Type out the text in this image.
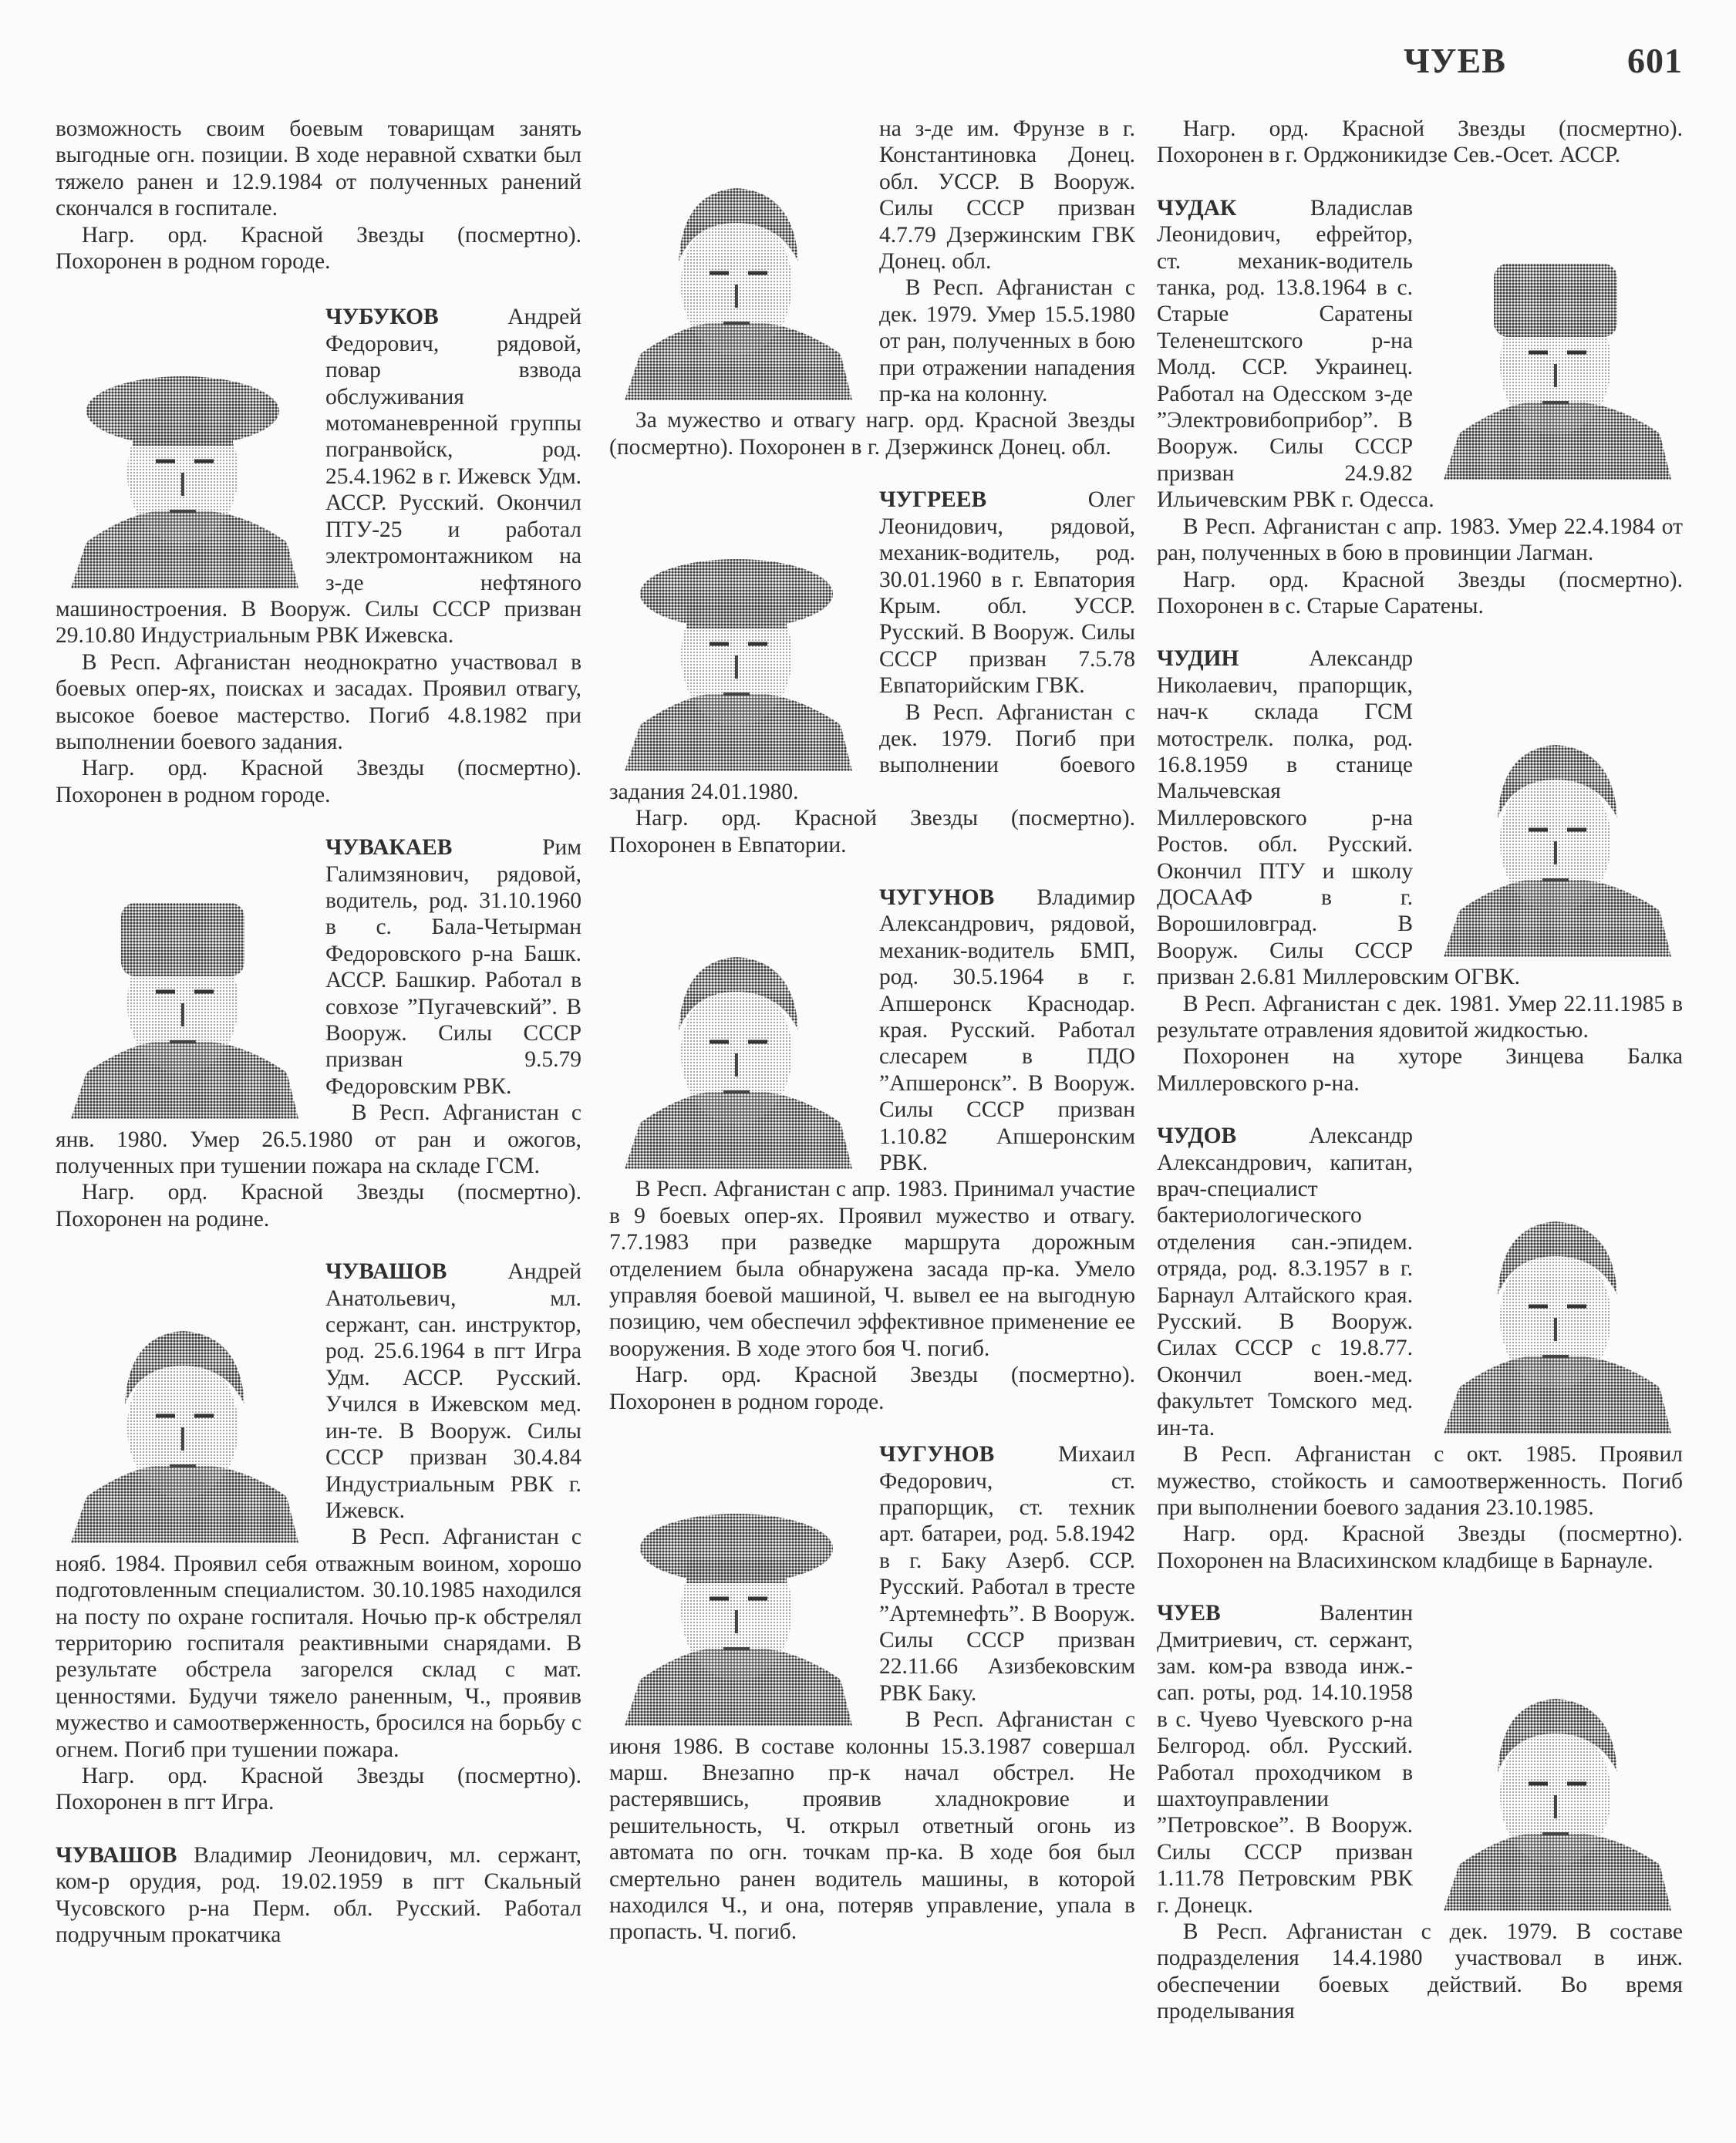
ЧУЕВ	601

возможность своим боевым товарищам занять выгодные огн. позиции. В ходе неравной схватки был тяжело ранен и 12.9.1984 от полученных ранений скончался в госпитале.

Нагр. орд. Красной Звезды (посмертно). Похоронен в родном городе.

ЧУБУКОВ Андрей Федорович, рядовой, повар взвода обслуживания мотоманевренной группы погранвойск, род. 25.4.1962 в г. Ижевск Удм. АССР. Русский. Окончил ПТУ-25 и работал электромонтажником на з-де нефтяного машиностроения. В Вооруж. Силы СССР призван 29.10.80 Индустриальным РВК Ижевска.

В Респ. Афганистан неоднократно участвовал в боевых опер-ях, поисках и засадах. Проявил отвагу, высокое боевое мастерство. Погиб 4.8.1982 при выполнении боевого задания.

Нагр. орд. Красной Звезды (посмертно). Похоронен в родном городе.

ЧУВАКАЕВ Рим Галимзянович, рядовой, водитель, род. 31.10.1960 в с. Бала-Четырман Федоровского р-на Башк. АССР. Башкир. Работал в совхозе ”Пугачевский”. В Вооруж. Силы СССР призван 9.5.79 Федоровским РВК.

В Респ. Афганистан с янв. 1980. Умер 26.5.1980 от ран и ожогов, полученных при тушении пожара на складе ГСМ.

Нагр. орд. Красной Звезды (посмертно). Похоронен на родине.

ЧУВАШОВ Андрей Анатольевич, мл. сержант, сан. инструктор, род. 25.6.1964 в пгт Игра Удм. АССР. Русский. Учился в Ижевском мед. ин-те. В Вооруж. Силы СССР призван 30.4.84 Индустриальным РВК г. Ижевск.

В Респ. Афганистан с нояб. 1984. Проявил себя отважным воином, хорошо подготовленным специалистом. 30.10.1985 находился на посту по охране госпиталя. Ночью пр-к обстрелял территорию госпиталя реактивными снарядами. В результате обстрела загорелся склад с мат. ценностями. Будучи тяжело раненным, Ч., проявив мужество и самоотверженность, бросился на борьбу с огнем. Погиб при тушении пожара.

Нагр. орд. Красной Звезды (посмертно). Похоронен в пгт Игра.

ЧУВАШОВ Владимир Леонидович, мл. сержант, ком-р орудия, род. 19.02.1959 в пгт Скальный Чусовского р-на Перм. обл. Русский. Работал подручным прокатчика

на з-де им. Фрунзе в г. Константиновка Донец. обл. УССР. В Вооруж. Силы СССР призван 4.7.79 Дзержинским ГВК Донец. обл.

В Респ. Афганистан с дек. 1979. Умер 15.5.1980 от ран, полученных в бою при отражении нападения пр-ка на колонну.

За мужество и отвагу нагр. орд. Красной Звезды (посмертно). Похоронен в г. Дзержинск Донец. обл.

ЧУГРЕЕВ Олег Леонидович, рядовой, механик-водитель, род. 30.01.1960 в г. Евпатория Крым. обл. УССР. Русский. В Вооруж. Силы СССР призван 7.5.78 Евпаторийским ГВК.

В Респ. Афганистан с дек. 1979. Погиб при выполнении боевого задания 24.01.1980.

Нагр. орд. Красной Звезды (посмертно). Похоронен в Евпатории.

ЧУГУНОВ Владимир Александрович, рядовой, механик-водитель БМП, род. 30.5.1964 в г. Апшеронск Краснодар. края. Русский. Работал слесарем в ПДО ”Апшеронск”. В Вооруж. Силы СССР призван 1.10.82 Апшеронским РВК.

В Респ. Афганистан с апр. 1983. Принимал участие в 9 боевых опер-ях. Проявил мужество и отвагу. 7.7.1983 при разведке маршрута дорожным отделением была обнаружена засада пр-ка. Умело управляя боевой машиной, Ч. вывел ее на выгодную позицию, чем обеспечил эффективное применение ее вооружения. В ходе этого боя Ч. погиб.

Нагр. орд. Красной Звезды (посмертно). Похоронен в родном городе.

ЧУГУНОВ Михаил Федорович, ст. прапорщик, ст. техник арт. батареи, род. 5.8.1942 в г. Баку Азерб. ССР. Русский. Работал в тресте ”Артемнефть”. В Вооруж. Силы СССР призван 22.11.66 Азизбековским РВК Баку.

В Респ. Афганистан с июня 1986. В составе колонны 15.3.1987 совершал марш. Внезапно пр-к начал обстрел. Не растерявшись, проявив хладнокровие и решительность, Ч. открыл ответный огонь из автомата по огн. точкам пр-ка. В ходе боя был смертельно ранен водитель машины, в которой находился Ч., и она, потеряв управление, упала в пропасть. Ч. погиб.

Нагр. орд. Красной Звезды (посмертно). Похоронен в г. Орджоникидзе Сев.-Осет. АССР.

ЧУДАК Владислав Леонидович, ефрейтор, ст. механик-водитель танка, род. 13.8.1964 в с. Старые Саратены Теленештского р-на Молд. ССР. Украинец. Работал на Одесском з-де ”Электровибоприбор”. В Вооруж. Силы СССР призван 24.9.82 Ильичевским РВК г. Одесса.

В Респ. Афганистан с апр. 1983. Умер 22.4.1984 от ран, полученных в бою в провинции Лагман.

Нагр. орд. Красной Звезды (посмертно). Похоронен в с. Старые Саратены.

ЧУДИН Александр Николаевич, прапорщик, нач-к склада ГСМ мотострелк. полка, род. 16.8.1959 в станице Мальчевская Миллеровского р-на Ростов. обл. Русский. Окончил ПТУ и школу ДОСААФ в г. Ворошиловград. В Вооруж. Силы СССР призван 2.6.81 Миллеровским ОГВК.

В Респ. Афганистан с дек. 1981. Умер 22.11.1985 в результате отравления ядовитой жидкостью.

Похоронен на хуторе Зинцева Балка Миллеровского р-на.

ЧУДОВ Александр Александрович, капитан, врач-специалист бактериологического отделения сан.-эпидем. отряда, род. 8.3.1957 в г. Барнаул Алтайского края. Русский. В Вооруж. Силах СССР с 19.8.77. Окончил воен.-мед. факультет Томского мед. ин-та.

В Респ. Афганистан с окт. 1985. Проявил мужество, стойкость и самоотверженность. Погиб при выполнении боевого задания 23.10.1985.

Нагр. орд. Красной Звезды (посмертно). Похоронен на Власихинском кладбище в Барнауле.

ЧУЕВ Валентин Дмитриевич, ст. сержант, зам. ком-ра взвода инж.-сап. роты, род. 14.10.1958 в с. Чуево Чуевского р-на Белгород. обл. Русский. Работал проходчиком в шахтоуправлении ”Петровское”. В Вооруж. Силы СССР призван 1.11.78 Петровским РВК г. Донецк.

В Респ. Афганистан с дек. 1979. В составе подразделения 14.4.1980 участвовал в инж. обеспечении боевых действий. Во время проделывания
